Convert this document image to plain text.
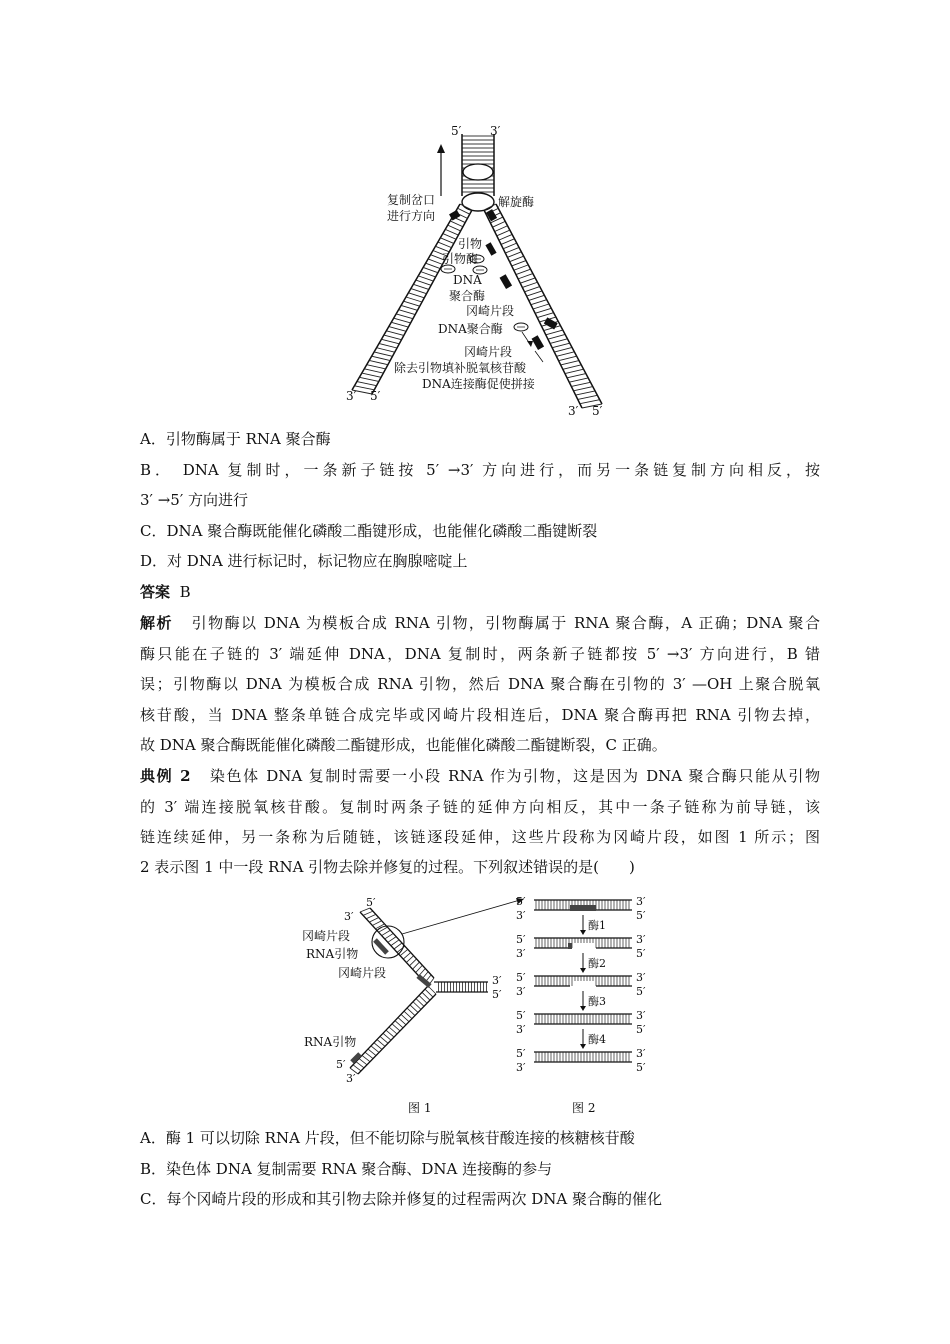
5′ 3′
复制岔口
进行方向
解旋酶
引物
引物酶
DNA
聚合酶
冈崎片段
DNA聚合酶
冈崎片段
除去引物填补脱氧核苷酸
DNA连接酶促使拼接
3′ 5′
3′ 5′
A．引物酶属于 RNA 聚合酶
B． DNA 复制时，一条新子链按 5′ →3′ 方向进行，而另一条链复制方向相反，按
3′ →5′ 方向进行
C．DNA 聚合酶既能催化磷酸二酯键形成，也能催化磷酸二酯键断裂
D．对 DNA 进行标记时，标记物应在胸腺嘧啶上
答案 B
解析 引物酶以 DNA 为模板合成 RNA 引物，引物酶属于 RNA 聚合酶，A 正确；DNA 聚合
酶只能在子链的 3′ 端延伸 DNA，DNA 复制时，两条新子链都按 5′ →3′ 方向进行，B 错
误；引物酶以 DNA 为模板合成 RNA 引物，然后 DNA 聚合酶在引物的 3′ —OH 上聚合脱氧
核苷酸，当 DNA 整条单链合成完毕或冈崎片段相连后，DNA 聚合酶再把 RNA 引物去掉，
故 DNA 聚合酶既能催化磷酸二酯键形成，也能催化磷酸二酯键断裂，C 正确。
典例 2 染色体 DNA 复制时需要一小段 RNA 作为引物，这是因为 DNA 聚合酶只能从引物
的 3′ 端连接脱氧核苷酸。复制时两条子链的延伸方向相反，其中一条子链称为前导链，该
链连续延伸，另一条称为后随链，该链逐段延伸，这些片段称为冈崎片段，如图 1 所示；图
2 表示图 1 中一段 RNA 引物去除并修复的过程。下列叙述错误的是(　　)
5′
3′
冈崎片段
RNA引物
冈崎片段
3′
5′
RNA引物
5′
3′
图 1
5′
3′
3′
5′
酶1
5′
3′
3′
5′
酶2
5′
3′
3′
5′
酶3
5′
3′
3′
5′
酶4
5′
3′
3′
5′
图 2
A．酶 1 可以切除 RNA 片段，但不能切除与脱氧核苷酸连接的核糖核苷酸
B．染色体 DNA 复制需要 RNA 聚合酶、DNA 连接酶的参与
C．每个冈崎片段的形成和其引物去除并修复的过程需两次 DNA 聚合酶的催化
